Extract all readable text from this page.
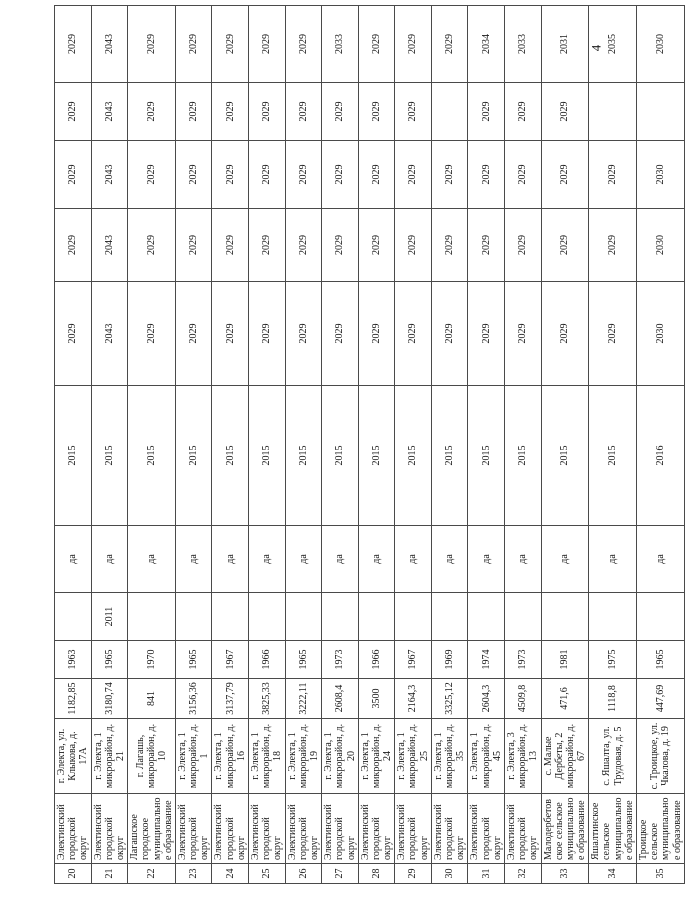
20	Электинский городской округ	г. Электа, ул. Клыкова, д. 17А	1182,85	1963		да	2015	2029	2029	2029	2029	2029
21	Электинский городской округ	г. Электа, 1 микрорайон, д. 21	3180,74	1965	2011	да	2015	2043	2043	2043	2043	2043
22	Лагашское городское муниципальное образование	г. Лагашь, микрорайон, д. 10	841	1970		да	2015	2029	2029	2029	2029	2029
23	Электинский городской округ	г. Электа, 1 микрорайон, д. 1	3156,36	1965		да	2015	2029	2029	2029	2029	2029
24	Электинский городской округ	г. Электа, 1 микрорайон, д. 16	3137,79	1967		да	2015	2029	2029	2029	2029	2029
25	Электинский городской округ	г. Электа, 1 микрорайон, д. 18	3825,33	1966		да	2015	2029	2029	2029	2029	2029
26	Электинский городской округ	г. Электа, 1 микрорайон, д. 19	3222,11	1965		да	2015	2029	2029	2029	2029	2029
27	Электинский городской округ	г. Электа, 1 микрорайон, д. 20	2608,4	1973		да	2015	2029	2029	2029	2029	2033
28	Электинский городской округ	г. Электа, 1 микрорайон, д. 24	3500	1966		да	2015	2029	2029	2029	2029	2029
29	Электинский городской округ	г. Электа, 1 микрорайон, д. 25	2164,3	1967		да	2015	2029	2029	2029	2029	2029
30	Электинский городской округ	г. Электа, 1 микрорайон, д. 35	3325,12	1969		да	2015	2029	2029	2029		2029
31	Электинский городской округ	г. Электа, 1 микрорайон, д. 45	2604,3	1974		да	2015	2029	2029	2029	2029	2034
32	Электинский городской округ	г. Электа, 3 микрорайон, д. 13	4509,8	1973		да	2015	2029	2029	2029	2029	2033
33	Малодербетовское сельское муниципальное образование	с. Малые Дербеты, 2 микрорайон, д. 67	471,6	1981		да	2015	2029	2029	2029	2029	2031
34	Яшалтинское сельское муниципальное образование	с. Яшалта, ул. Трудовая, д. 5	1118,8	1975		да	2015	2029	2029	2029		2035
35	Троицкое сельское муниципальное образование	с. Троицкое, ул. Чкалова, д. 19	447,69	1965		да	2016	2030	2030	2030		2030
4
